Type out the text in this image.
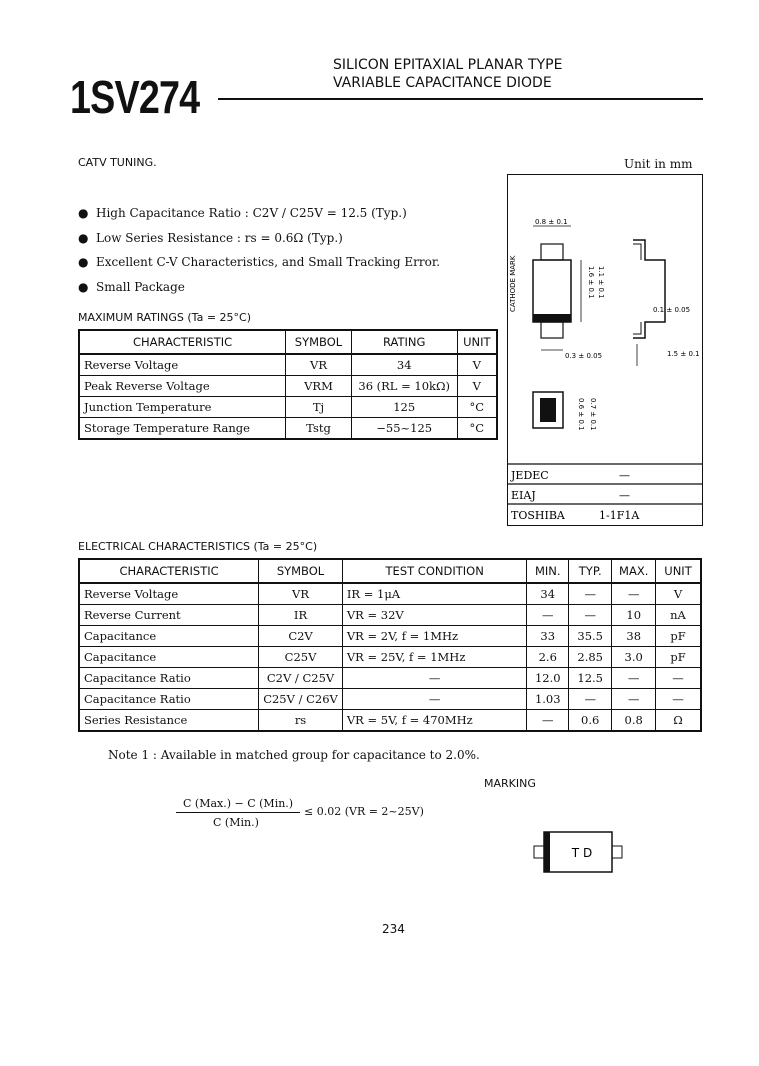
1SV274
SILICON EPITAXIAL PLANAR TYPE
VARIABLE CAPACITANCE DIODE
CATV TUNING.	Unit in mm
● High Capacitance Ratio : C2V / C25V = 12.5 (Typ.)
● Low Series Resistance : rs = 0.6Ω (Typ.)
● Excellent C-V Characteristics, and Small Tracking Error.
● Small Package
MAXIMUM RATINGS (Ta = 25°C)
CHARACTERISTIC	SYMBOL	RATING	UNIT
Reverse Voltage	VR	34	V
Peak Reverse Voltage	VRM	36 (RL = 10kΩ)	V
Junction Temperature	Tj	125	°C
Storage Temperature Range	Tstg	−55~125	°C
CATHODE MARK
0.8 ± 0.1
1.6 ± 0.1 1.1 ± 0.1
0.3 ± 0.05
0.1 ± 0.05
1.5 ± 0.1
0.6 ± 0.1 0.7 ± 0.1
JEDEC	—
EIAJ	—
TOSHIBA	1-1F1A
ELECTRICAL CHARACTERISTICS (Ta = 25°C)
CHARACTERISTIC	SYMBOL	TEST CONDITION	MIN.	TYP.	MAX.	UNIT
Reverse Voltage	VR	IR = 1μA	34	—	—	V
Reverse Current	IR	VR = 32V	—	—	10	nA
Capacitance	C2V	VR = 2V, f = 1MHz	33	35.5	38	pF
Capacitance	C25V	VR = 25V, f = 1MHz	2.6	2.85	3.0	pF
Capacitance Ratio	C2V / C25V	—	12.0	12.5	—	—
Capacitance Ratio	C25V / C26V	—	1.03	—	—	—
Series Resistance	rs	VR = 5V, f = 470MHz	—	0.6	0.8	Ω
Note 1 : Available in matched group for capacitance to 2.0%.
MARKING
C (Max.) − C (Min.)
C (Min.)
≤ 0.02 (VR = 2~25V)
T D
234
